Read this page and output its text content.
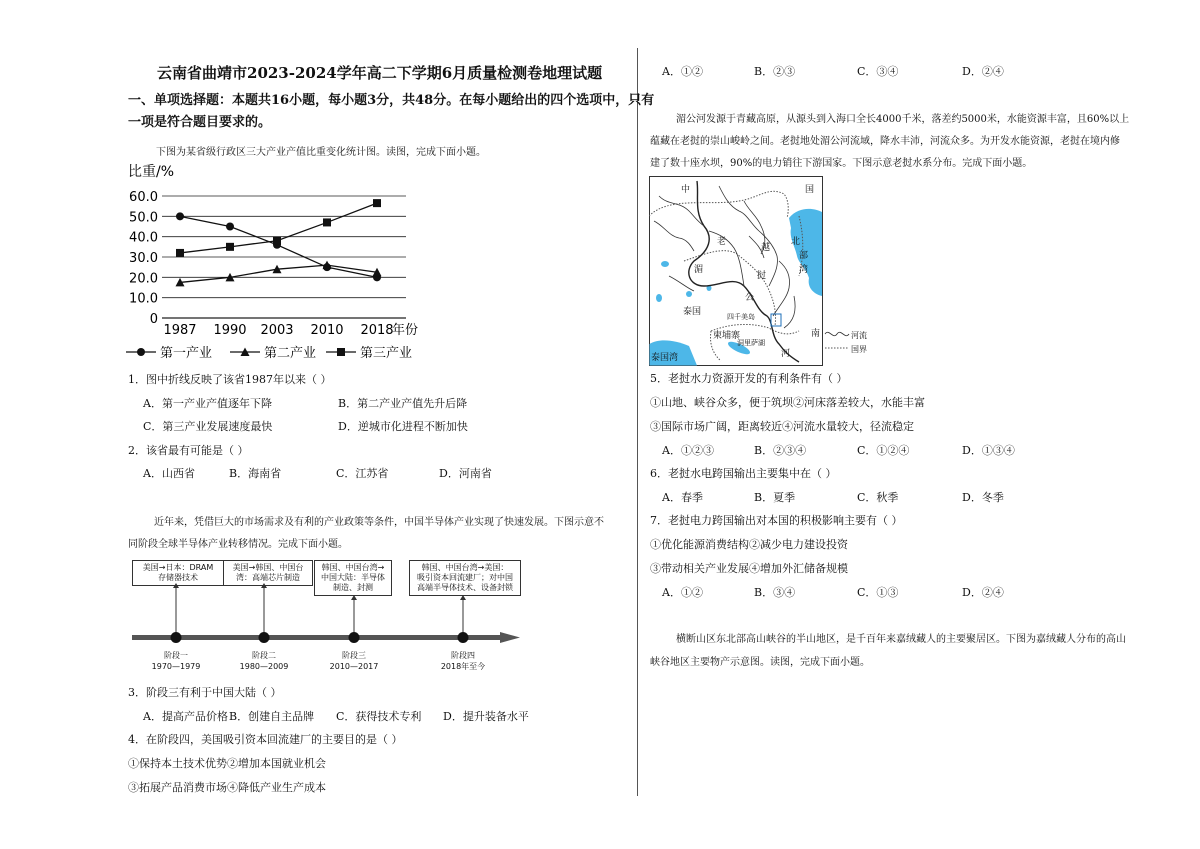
云南省曲靖市2023-2024学年高二下学期6月质量检测卷地理试题
一、单项选择题：本题共16小题，每小题3分，共48分。在每小题给出的四个选项中，只有
一项是符合题目要求的。
下图为某省级行政区三大产业产值比重变化统计图。读图，完成下面小题。
比重/%
0
10.0
20.0
30.0
40.0
50.0
60.0
1987 1990 2003 2010 2018
年份
第一产业	第二产业	第三产业
1．图中折线反映了该省1987年以来（ ）
A．第一产业产值逐年下降	B．第二产业产值先升后降
C．第三产业发展速度最快	D．逆城市化进程不断加快
2．该省最有可能是（ ）
A．山西省	B．海南省	C．江苏省	D．河南省
近年来，凭借巨大的市场需求及有利的产业政策等条件，中国半导体产业实现了快速发展。下图示意不
同阶段全球半导体产业转移情况。完成下面小题。
美国→日本：DRAM
存储器技术
美国→韩国、中国台
湾：高端芯片制造
韩国、中国台湾→
中国大陆：半导体
制造、封测
韩国、中国台湾→美国：
吸引资本回流建厂；对中国
高端半导体技术、设备封锁
阶段一
1970—1979
阶段二
1980—2009
阶段三
2010—2017
阶段四
2018年至今
3．阶段三有利于中国大陆（ ）
A．提高产品价格 B．创建自主品牌 C．获得技术专利 D．提升装备水平
4．在阶段四，美国吸引资本回流建厂的主要目的是（ ）
①保持本土技术优势②增加本国就业机会
③拓展产品消费市场④降低产业生产成本
A．①②	B．②③	C．③④	D．②④
湄公河发源于青藏高原，从源头到入海口全长4000千米，落差约5000米，水能资源丰富，且60%以上
蕴藏在老挝的崇山峻岭之间。老挝地处湄公河流域，降水丰沛，河流众多。为开发水能资源，老挝在境内修
建了数十座水坝，90%的电力销往下游国家。下图示意老挝水系分布。完成下面小题。
中	国
老
越
北
部
湾
湄
挝
公
泰国	四千美岛
南
柬埔寨
洞里萨湖
河
泰国湾
河流
国界
5．老挝水力资源开发的有利条件有（ ）
①山地、峡谷众多，便于筑坝②河床落差较大，水能丰富
③国际市场广阔，距离较近④河流水量较大，径流稳定
A．①②③	B．②③④	C．①②④	D．①③④
6．老挝水电跨国输出主要集中在（ ）
A．春季	B．夏季	C．秋季	D．冬季
7．老挝电力跨国输出对本国的积极影响主要有（ ）
①优化能源消费结构②减少电力建设投资
③带动相关产业发展④增加外汇储备规模
A．①②	B．③④	C．①③	D．②④
横断山区东北部高山峡谷的半山地区，是千百年来嘉绒藏人的主要聚居区。下图为嘉绒藏人分布的高山
峡谷地区主要物产示意图。读图，完成下面小题。
